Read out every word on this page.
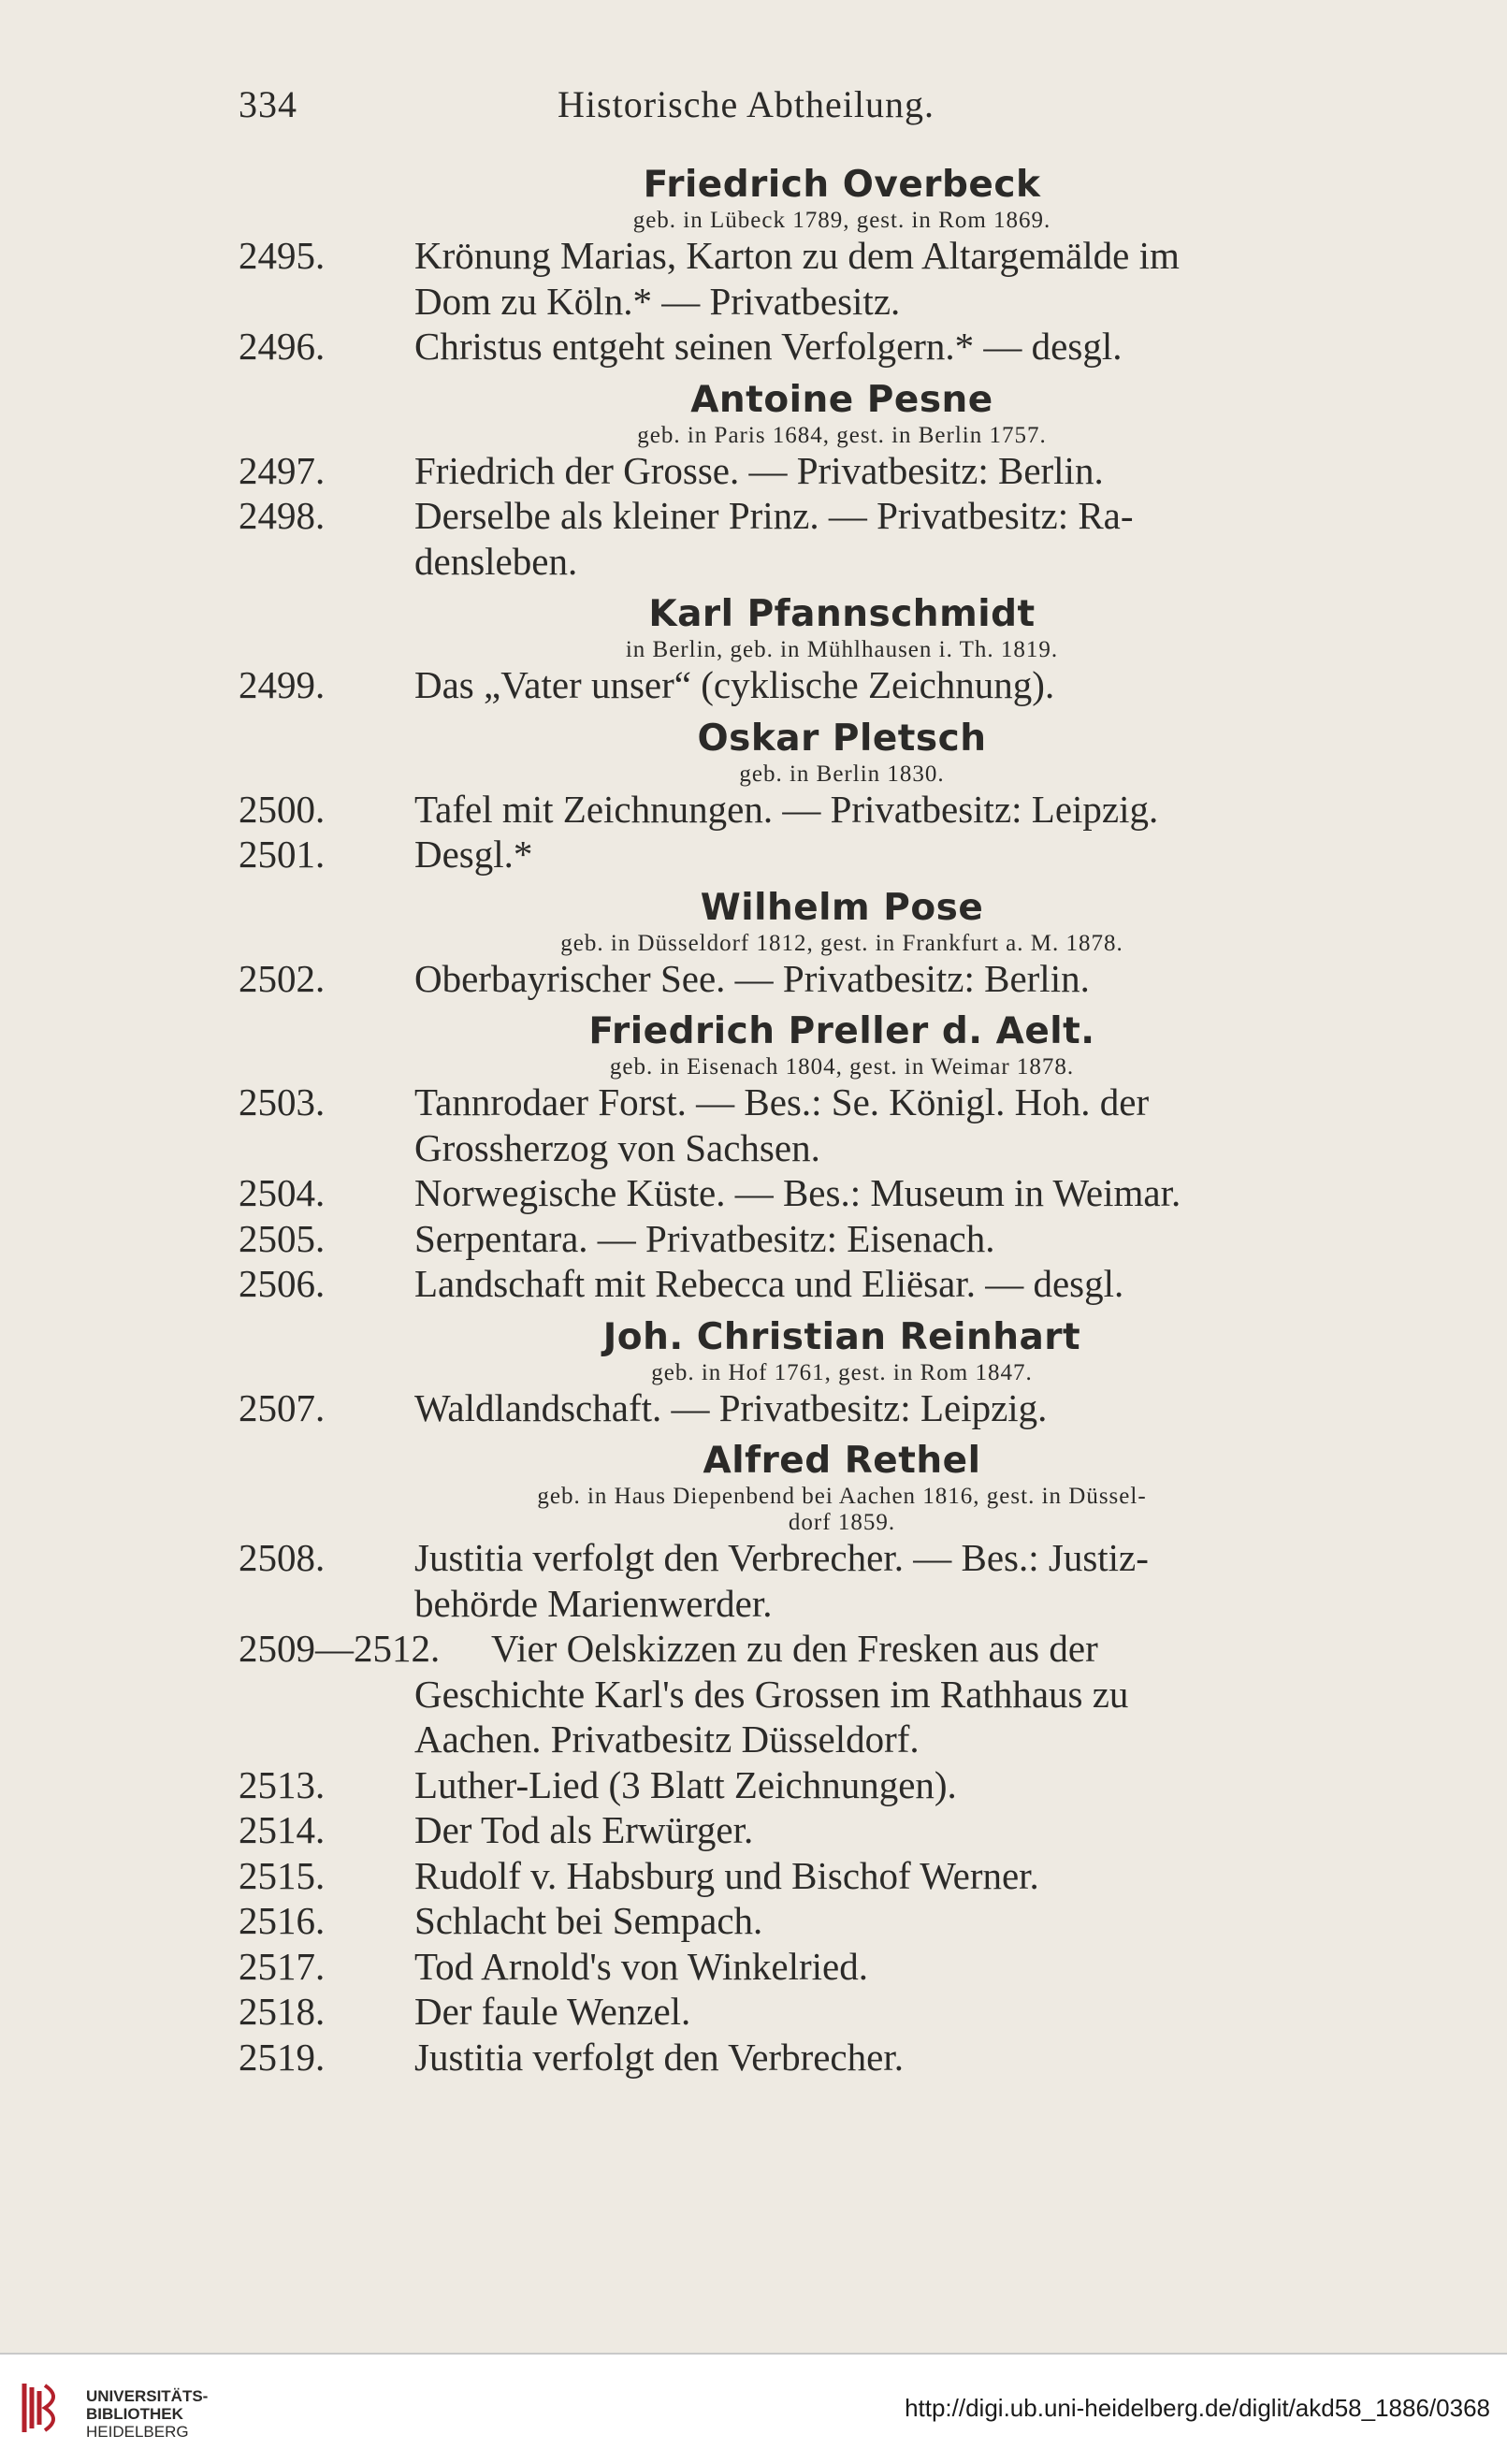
334	Historische Abtheilung.
Friedrich Overbeck
geb. in Lübeck 1789, gest. in Rom 1869.
2495.	Krönung Marias, Karton zu dem Altargemälde im
Dom zu Köln.* — Privatbesitz.
2496.	Christus entgeht seinen Verfolgern.* — desgl.
Antoine Pesne
geb. in Paris 1684, gest. in Berlin 1757.
2497.	Friedrich der Grosse. — Privatbesitz: Berlin.
2498.	Derselbe als kleiner Prinz. — Privatbesitz: Ra-
densleben.
Karl Pfannschmidt
in Berlin, geb. in Mühlhausen i. Th. 1819.
2499.	Das „Vater unser“ (cyklische Zeichnung).
Oskar Pletsch
geb. in Berlin 1830.
2500.	Tafel mit Zeichnungen. — Privatbesitz: Leipzig.
2501.	Desgl.*
Wilhelm Pose
geb. in Düsseldorf 1812, gest. in Frankfurt a. M. 1878.
2502.	Oberbayrischer See. — Privatbesitz: Berlin.
Friedrich Preller d. Aelt.
geb. in Eisenach 1804, gest. in Weimar 1878.
2503.	Tannrodaer Forst. — Bes.: Se. Königl. Hoh. der
Grossherzog von Sachsen.
2504.	Norwegische Küste. — Bes.: Museum in Weimar.
2505.	Serpentara. — Privatbesitz: Eisenach.
2506.	Landschaft mit Rebecca und Eliësar. — desgl.
Joh. Christian Reinhart
geb. in Hof 1761, gest. in Rom 1847.
2507.	Waldlandschaft. — Privatbesitz: Leipzig.
Alfred Rethel
geb. in Haus Diepenbend bei Aachen 1816, gest. in Düssel-
dorf 1859.
2508.	Justitia verfolgt den Verbrecher. — Bes.: Justiz-
behörde Marienwerder.
2509—2512.	Vier Oelskizzen zu den Fresken aus der
Geschichte Karl's des Grossen im Rathhaus zu
Aachen. Privatbesitz Düsseldorf.
2513.	Luther-Lied (3 Blatt Zeichnungen).
2514.	Der Tod als Erwürger.
2515.	Rudolf v. Habsburg und Bischof Werner.
2516.	Schlacht bei Sempach.
2517.	Tod Arnold's von Winkelried.
2518.	Der faule Wenzel.
2519.	Justitia verfolgt den Verbrecher.
UNIVERSITÄTS-
BIBLIOTHEK
HEIDELBERG
http://digi.ub.uni-heidelberg.de/diglit/akd58_1886/0368
